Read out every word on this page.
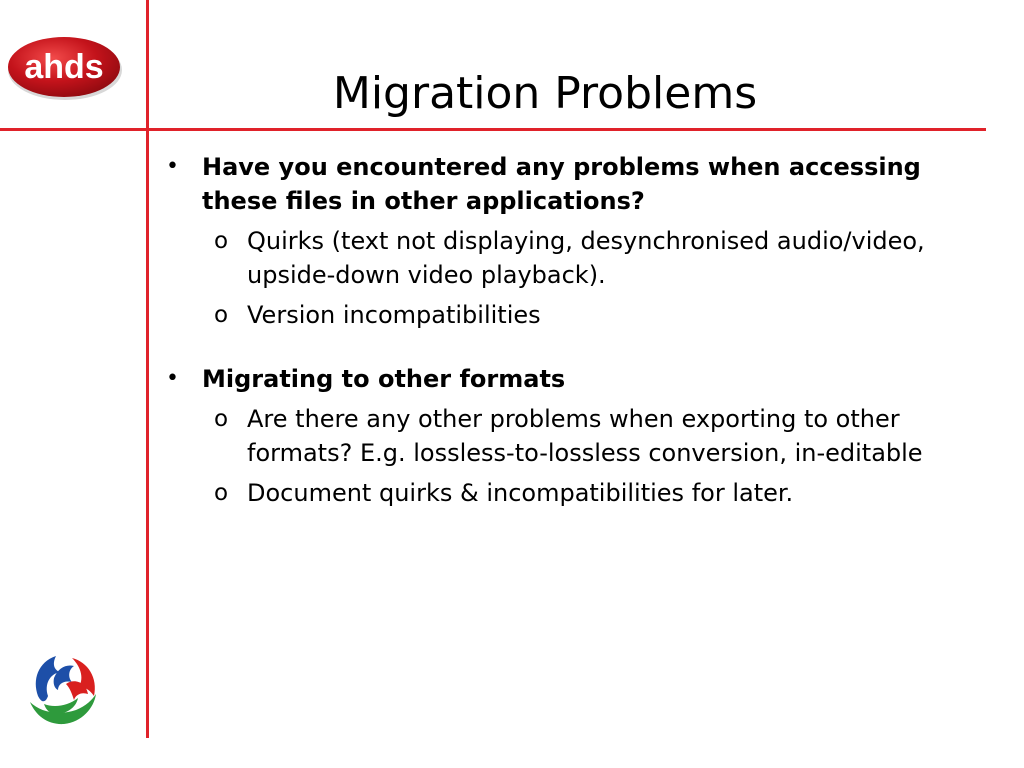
ahds
Migration Problems
• Have you encountered any problems when accessing these files in other applications?
o Quirks (text not displaying, desynchronised audio/video, upside-down video playback).
o Version incompatibilities
• Migrating to other formats
o Are there any other problems when exporting to other formats? E.g. lossless-to-lossless conversion, in-editable
o Document quirks & incompatibilities for later.
